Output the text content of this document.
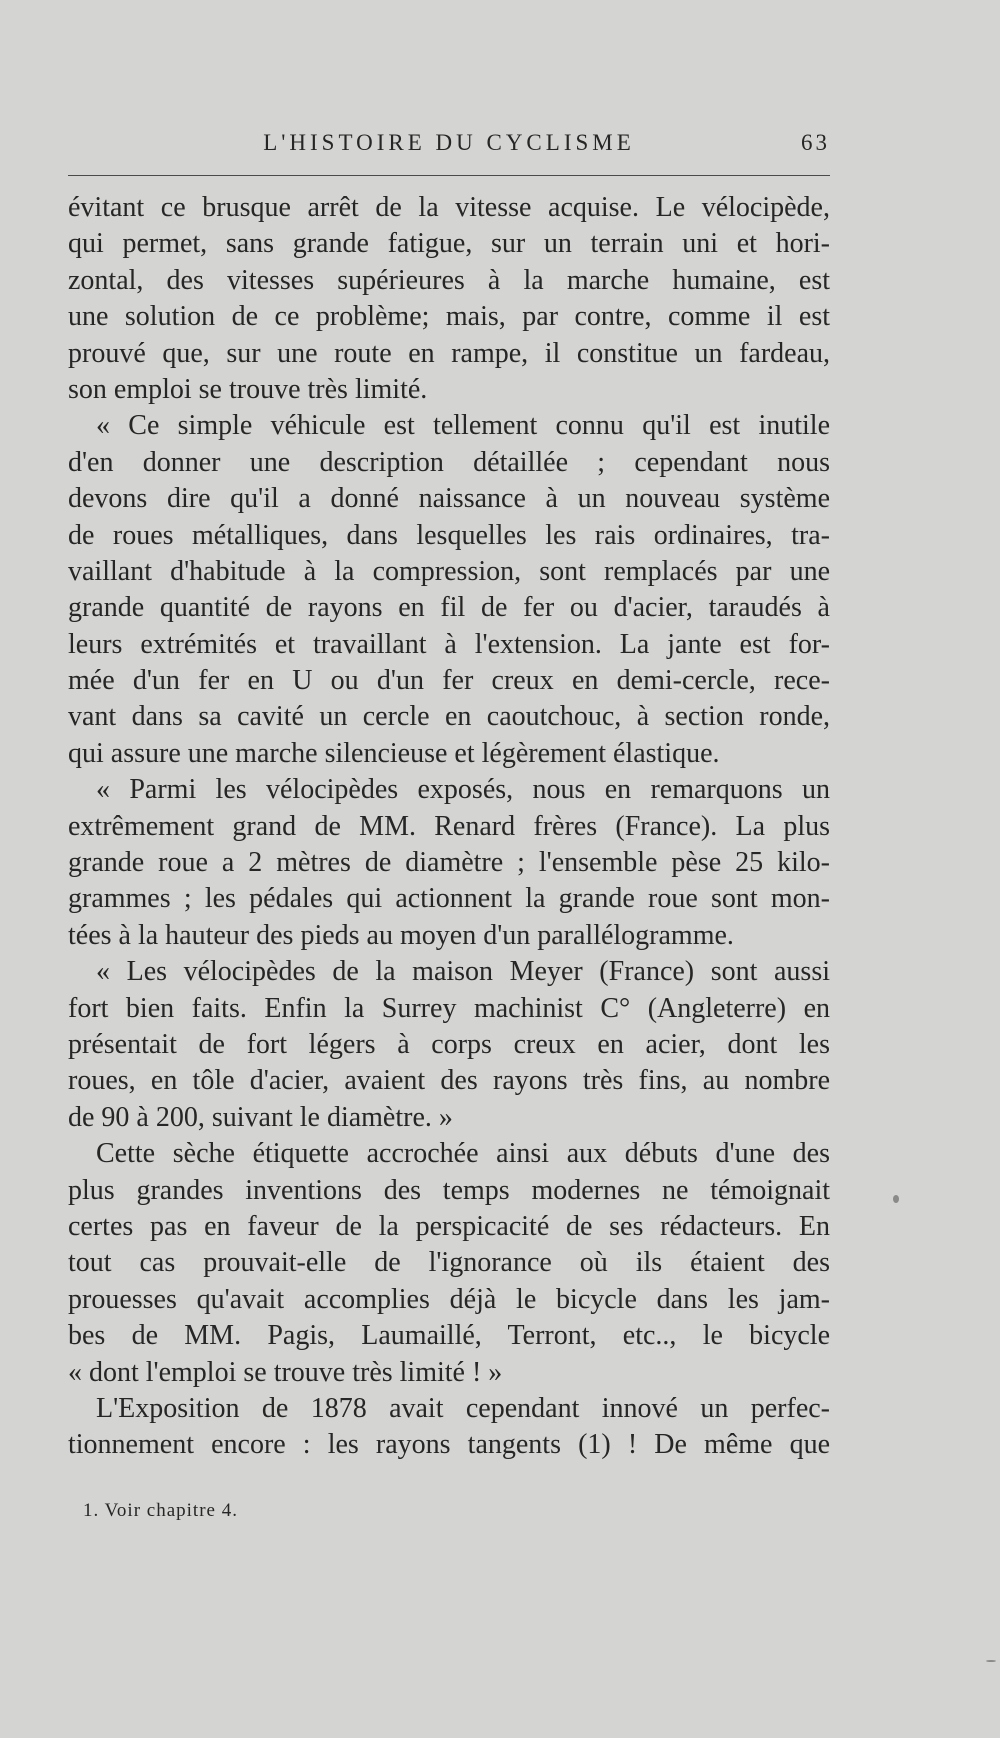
L'HISTOIRE DU CYCLISME	63
évitant ce brusque arrêt de la vitesse acquise. Le vélocipède,
qui permet, sans grande fatigue, sur un terrain uni et hori-
zontal, des vitesses supérieures à la marche humaine, est
une solution de ce problème; mais, par contre, comme il est
prouvé que, sur une route en rampe, il constitue un fardeau,
son emploi se trouve très limité.
« Ce simple véhicule est tellement connu qu'il est inutile
d'en donner une description détaillée ; cependant nous
devons dire qu'il a donné naissance à un nouveau système
de roues métalliques, dans lesquelles les rais ordinaires, tra-
vaillant d'habitude à la compression, sont remplacés par une
grande quantité de rayons en fil de fer ou d'acier, taraudés à
leurs extrémités et travaillant à l'extension. La jante est for-
mée d'un fer en U ou d'un fer creux en demi-cercle, rece-
vant dans sa cavité un cercle en caoutchouc, à section ronde,
qui assure une marche silencieuse et légèrement élastique.
« Parmi les vélocipèdes exposés, nous en remarquons un
extrêmement grand de MM. Renard frères (France). La plus
grande roue a 2 mètres de diamètre ; l'ensemble pèse 25 kilo-
grammes ; les pédales qui actionnent la grande roue sont mon-
tées à la hauteur des pieds au moyen d'un parallélogramme.
« Les vélocipèdes de la maison Meyer (France) sont aussi
fort bien faits. Enfin la Surrey machinist C° (Angleterre) en
présentait de fort légers à corps creux en acier, dont les
roues, en tôle d'acier, avaient des rayons très fins, au nombre
de 90 à 200, suivant le diamètre. »
Cette sèche étiquette accrochée ainsi aux débuts d'une des
plus grandes inventions des temps modernes ne témoignait
certes pas en faveur de la perspicacité de ses rédacteurs. En
tout cas prouvait-elle de l'ignorance où ils étaient des
prouesses qu'avait accomplies déjà le bicycle dans les jam-
bes de MM. Pagis, Laumaillé, Terront, etc.., le bicycle
« dont l'emploi se trouve très limité ! »
L'Exposition de 1878 avait cependant innové un perfec-
tionnement encore : les rayons tangents (1) ! De même que
1. Voir chapitre 4.
